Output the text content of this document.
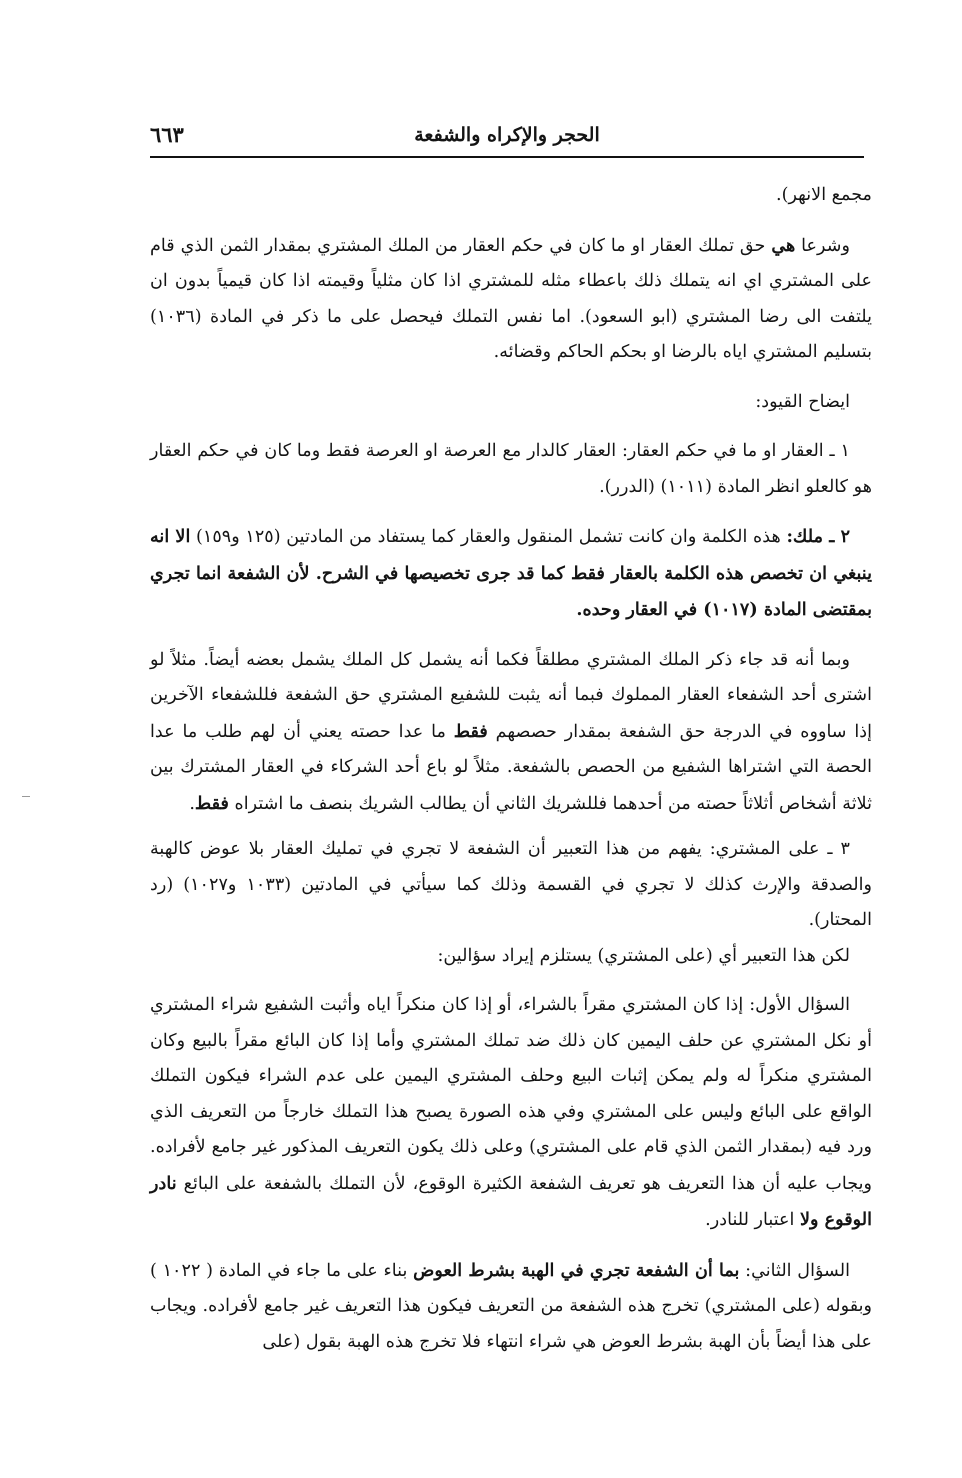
الحجر والإكراه والشفعة
٦٦٣

مجمع الانهر).

وشرعا هي حق تملك العقار او ما كان في حكم العقار من الملك المشتري بمقدار الثمن الذي قام على المشتري اي انه يتملك ذلك باعطاء مثله للمشتري اذا كان مثلياً وقيمته اذا كان قيمياً بدون ان يلتفت الى رضا المشتري (ابو السعود). اما نفس التملك فيحصل على ما ذكر في المادة (١٠٣٦) بتسليم المشتري اياه بالرضا او بحكم الحاكم وقضائه.

ايضاح القيود:

١ ـ العقار او ما في حكم العقار: العقار كالدار مع العرصة او العرصة فقط وما كان في حكم العقار هو كالعلو انظر المادة (١٠١١) (الدرر).

٢ ـ ملك: هذه الكلمة وان كانت تشمل المنقول والعقار كما يستفاد من المادتين (١٢٥ و١٥٩) الا انه ينبغي ان تخصص هذه الكلمة بالعقار فقط كما قد جرى تخصيصها في الشرح. لأن الشفعة انما تجري بمقتضى المادة (١٠١٧) في العقار وحده.

وبما أنه قد جاء ذكر الملك المشتري مطلقاً فكما أنه يشمل كل الملك يشمل بعضه أيضاً. مثلاً لو اشترى أحد الشفعاء العقار المملوك فبما أنه يثبت للشفيع المشتري حق الشفعة فللشفعاء الآخرين إذا ساووه في الدرجة حق الشفعة بمقدار حصصهم فقط ما عدا حصته يعني أن لهم طلب ما عدا الحصة التي اشتراها الشفيع من الحصص بالشفعة. مثلاً لو باع أحد الشركاء في العقار المشترك بين ثلاثة أشخاص أثلاثاً حصته من أحدهما فللشريك الثاني أن يطالب الشريك بنصف ما اشتراه فقط.

٣ ـ على المشتري: يفهم من هذا التعبير أن الشفعة لا تجري في تمليك العقار بلا عوض كالهبة والصدقة والإرث كذلك لا تجري في القسمة وذلك كما سيأتي في المادتين (١٠٣٣ و١٠٢٧) (رد المحتار).

لكن هذا التعبير أي (على المشتري) يستلزم إيراد سؤالين:

السؤال الأول: إذا كان المشتري مقراً بالشراء، أو إذا كان منكراً اياه وأثبت الشفيع شراء المشتري أو نكل المشتري عن حلف اليمين كان ذلك ضد تملك المشتري وأما إذا كان البائع مقراً بالبيع وكان المشتري منكراً له ولم يمكن إثبات البيع وحلف المشتري اليمين على عدم الشراء فيكون التملك الواقع على البائع وليس على المشتري وفي هذه الصورة يصبح هذا التملك خارجاً من التعريف الذي ورد فيه (بمقدار الثمن الذي قام على المشتري) وعلى ذلك يكون التعريف المذكور غير جامع لأفراده. ويجاب عليه أن هذا التعريف هو تعريف الشفعة الكثيرة الوقوع، لأن التملك بالشفعة على البائع نادر الوقوع ولا اعتبار للنادر.

السؤال الثاني: بما أن الشفعة تجري في الهبة بشرط العوض بناء على ما جاء في المادة ( ١٠٢٢ ) وبقوله (على المشتري) تخرج هذه الشفعة من التعريف فيكون هذا التعريف غير جامع لأفراده. ويجاب على هذا أيضاً بأن الهبة بشرط العوض هي شراء انتهاء فلا تخرج هذه الهبة بقول (على
